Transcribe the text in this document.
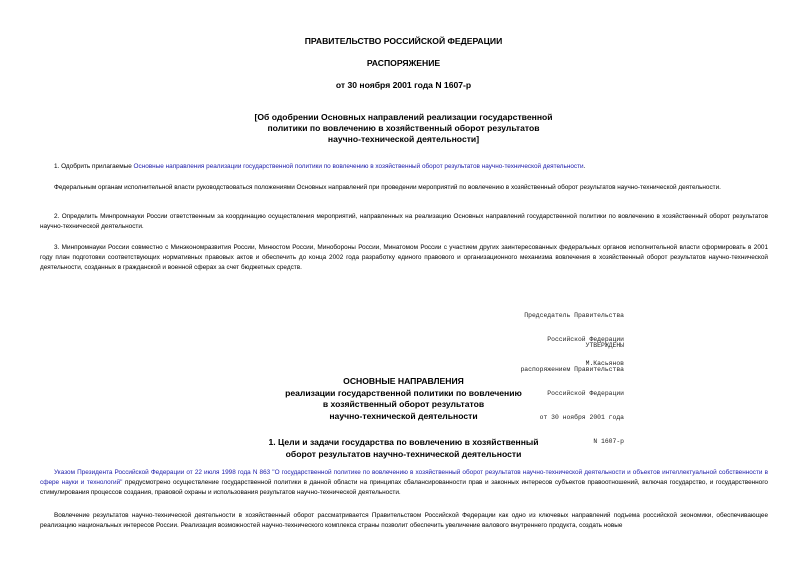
ПРАВИТЕЛЬСТВО РОССИЙСКОЙ ФЕДЕРАЦИИ
РАСПОРЯЖЕНИЕ
от 30 ноября 2001 года N 1607-р
[Об одобрении Основных направлений реализации государственной
политики по вовлечению в хозяйственный оборот результатов
научно-технической деятельности]
1. Одобрить прилагаемые Основные направления реализации государственной политики по вовлечению в хозяйственный оборот результатов научно-технической деятельности.
Федеральным органам исполнительной власти руководствоваться положениями Основных направлений при проведении мероприятий по вовлечению в хозяйственный оборот результатов научно-технической деятельности.
2. Определить Минпромнауки России ответственным за координацию осуществления мероприятий, направленных на реализацию Основных направлений государственной политики по вовлечению в хозяйственный оборот результатов научно-технической деятельности.
3. Минпромнауки России совместно с Минэкономразвития России, Минюстом России, Минобороны России, Минатомом России с участием других заинтересованных федеральных органов исполнительной власти сформировать в 2001 году план подготовки соответствующих нормативных правовых актов и обеспечить до конца 2002 года разработку единого правового и организационного механизма вовлечения в хозяйственный оборот результатов научно-технической деятельности, созданных в гражданской и военной сферах за счет бюджетных средств.

Председатель Правительства

Российской Федерации

М.Касьянов

УТВЕРЖДЕНЫ

распоряжением Правительства

Российской Федерации

от 30 ноября 2001 года

N 1607-р

ОСНОВНЫЕ НАПРАВЛЕНИЯ
реализации государственной политики по вовлечению
в хозяйственный оборот результатов
научно-технической деятельности
1. Цели и задачи государства по вовлечению в хозяйственный
оборот результатов научно-технической деятельности
Указом Президента Российской Федерации от 22 июля 1998 года N 863 "О государственной политике по вовлечению в хозяйственный оборот результатов научно-технической деятельности и объектов интеллектуальной собственности в сфере науки и технологий" предусмотрено осуществление государственной политики в данной области на принципах сбалансированности прав и законных интересов субъектов правоотношений, включая государство, и государственного стимулирования процессов создания, правовой охраны и использования результатов научно-технической деятельности.
Вовлечение результатов научно-технической деятельности в хозяйственный оборот рассматривается Правительством Российской Федерации как одно из ключевых направлений подъема российской экономики, обеспечивающее реализацию национальных интересов России. Реализация возможностей научно-технического комплекса страны позволит обеспечить увеличение валового внутреннего продукта, создать новые
